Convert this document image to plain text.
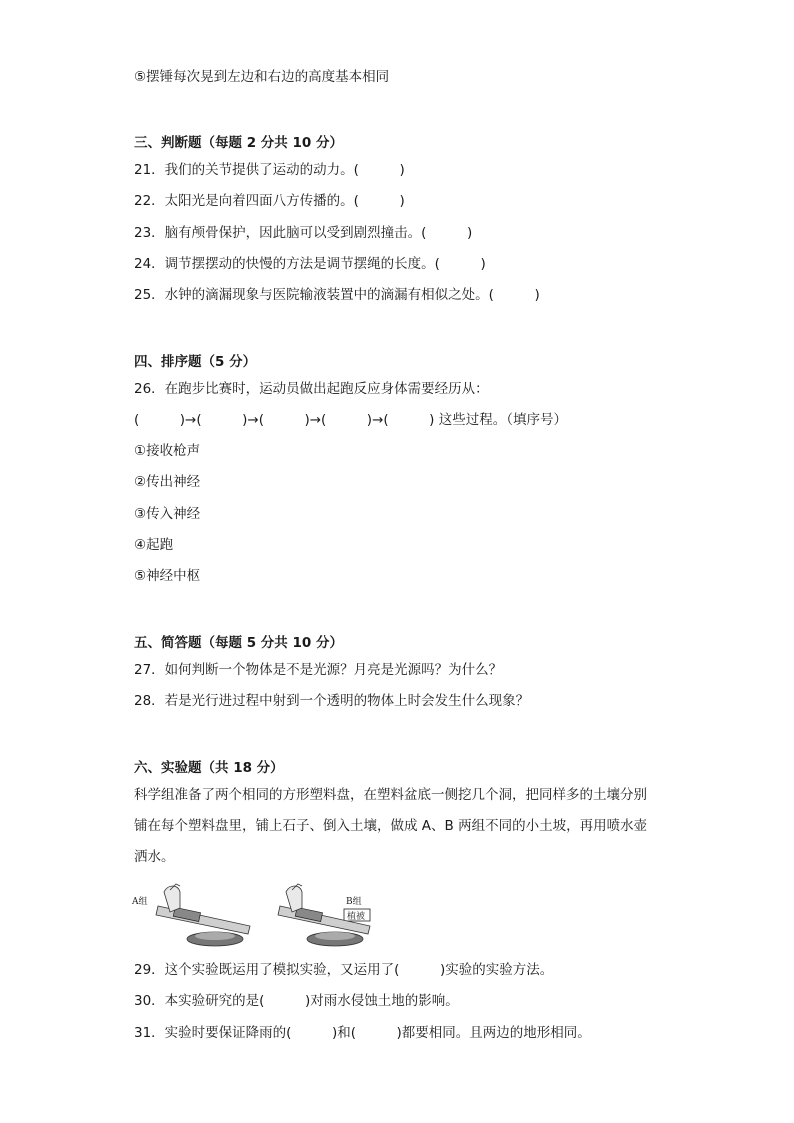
⑤摆锤每次晃到左边和右边的高度基本相同
三、判断题（每题 2 分共 10 分）
21．我们的关节提供了运动的动力。(　　　)
22．太阳光是向着四面八方传播的。(　　　)
23．脑有颅骨保护，因此脑可以受到剧烈撞击。(　　　)
24．调节摆摆动的快慢的方法是调节摆绳的长度。(　　　)
25．水钟的滴漏现象与医院输液装置中的滴漏有相似之处。(　　　)
四、排序题（5 分）
26．在跑步比赛时，运动员做出起跑反应身体需要经历从：
(　　　)→(　　　)→(　　　)→(　　　)→(　　　) 这些过程。（填序号）
①接收枪声
②传出神经
③传入神经
④起跑
⑤神经中枢
五、简答题（每题 5 分共 10 分）
27．如何判断一个物体是不是光源？月亮是光源吗？为什么？
28．若是光行进过程中射到一个透明的物体上时会发生什么现象？
六、实验题（共 18 分）
科学组准备了两个相同的方形塑料盘，在塑料盆底一侧挖几个洞，把同样多的土壤分别
铺在每个塑料盘里，铺上石子、倒入土壤，做成 A、B 两组不同的小土坡，再用喷水壶
洒水。
A组	B组
植被
29．这个实验既运用了模拟实验，又运用了(　　　)实验的实验方法。
30．本实验研究的是(　　　)对雨水侵蚀土地的影响。
31．实验时要保证降雨的(　　　)和(　　　)都要相同。且两边的地形相同。
